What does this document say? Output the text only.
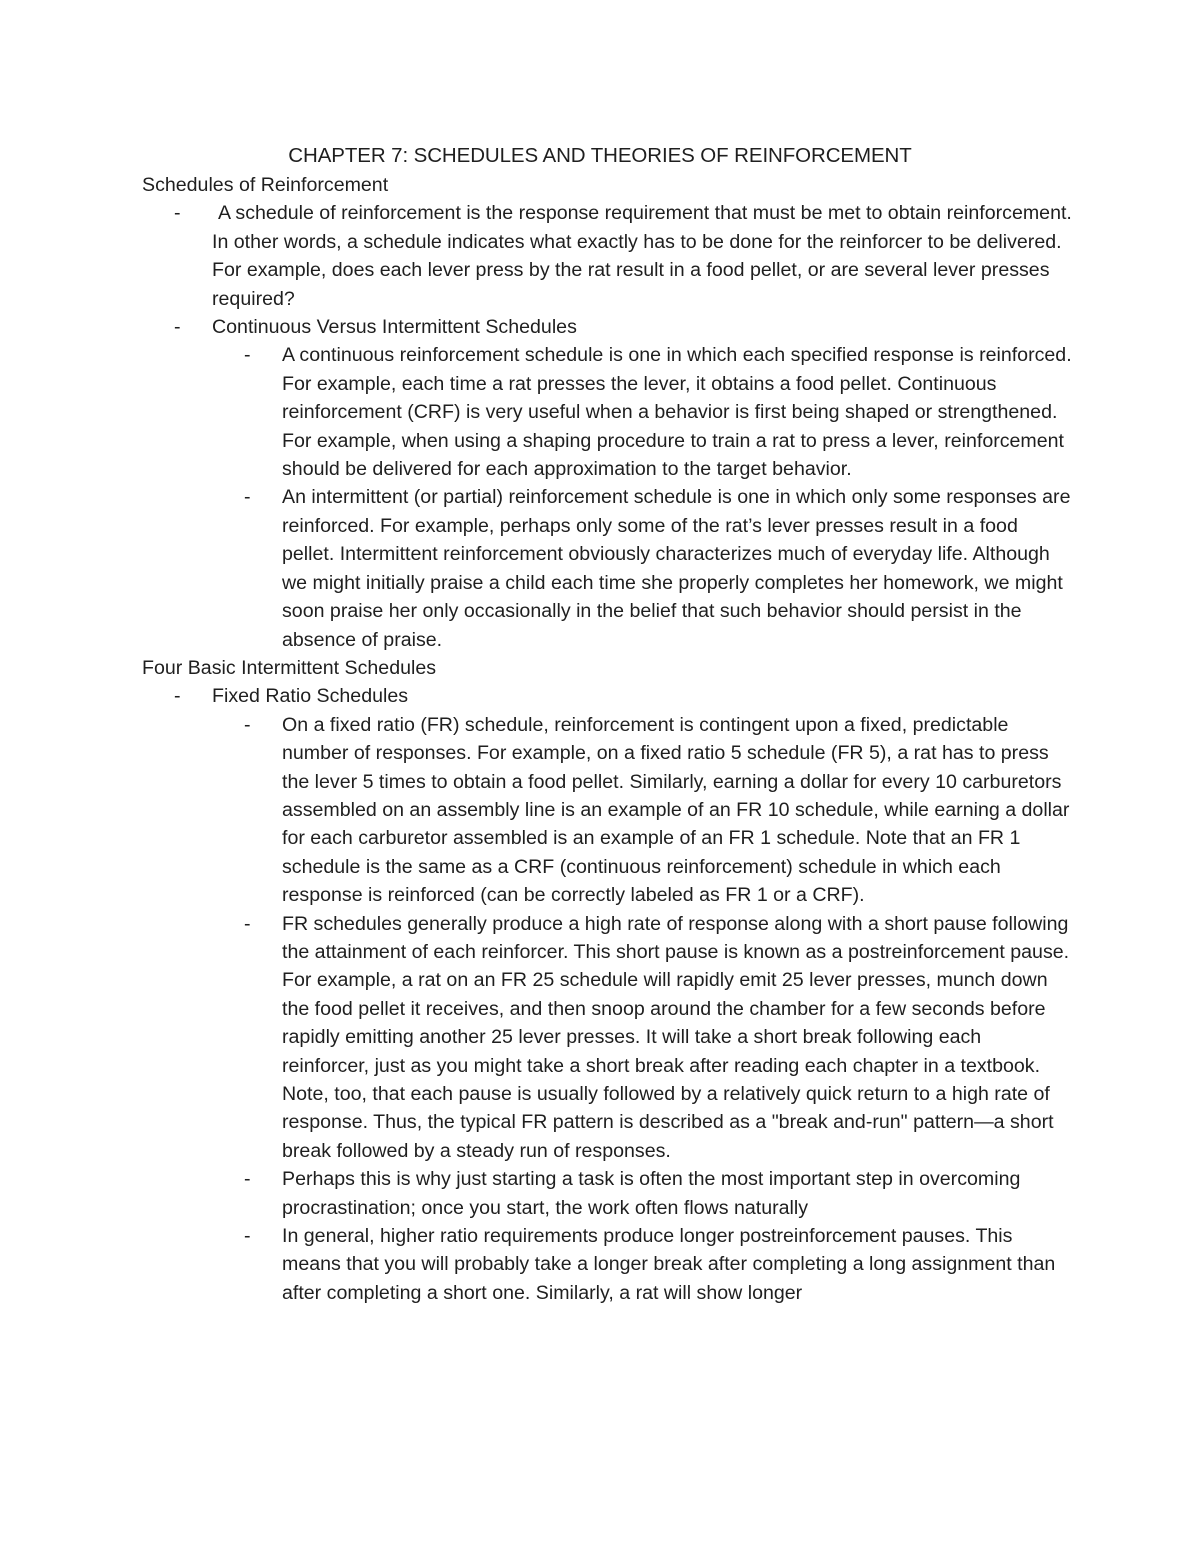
CHAPTER 7: SCHEDULES AND THEORIES OF REINFORCEMENT

Schedules of Reinforcement

- A schedule of reinforcement is the response requirement that must be met to obtain reinforcement. In other words, a schedule indicates what exactly has to be done for the reinforcer to be delivered. For example, does each lever press by the rat result in a food pellet, or are several lever presses required?
- Continuous Versus Intermittent Schedules
- A continuous reinforcement schedule is one in which each specified response is reinforced. For example, each time a rat presses the lever, it obtains a food pellet. Continuous reinforcement (CRF) is very useful when a behavior is first being shaped or strengthened. For example, when using a shaping procedure to train a rat to press a lever, reinforcement should be delivered for each approximation to the target behavior.
- An intermittent (or partial) reinforcement schedule is one in which only some responses are reinforced. For example, perhaps only some of the rat’s lever presses result in a food pellet. Intermittent reinforcement obviously characterizes much of everyday life. Although we might initially praise a child each time she properly completes her homework, we might soon praise her only occasionally in the belief that such behavior should persist in the absence of praise.

Four Basic Intermittent Schedules

- Fixed Ratio Schedules
- On a fixed ratio (FR) schedule, reinforcement is contingent upon a fixed, predictable number of responses. For example, on a fixed ratio 5 schedule (FR 5), a rat has to press the lever 5 times to obtain a food pellet. Similarly, earning a dollar for every 10 carburetors assembled on an assembly line is an example of an FR 10 schedule, while earning a dollar for each carburetor assembled is an example of an FR 1 schedule. Note that an FR 1 schedule is the same as a CRF (continuous reinforcement) schedule in which each response is reinforced (can be correctly labeled as FR 1 or a CRF).
- FR schedules generally produce a high rate of response along with a short pause following the attainment of each reinforcer. This short pause is known as a postreinforcement pause. For example, a rat on an FR 25 schedule will rapidly emit 25 lever presses, munch down the food pellet it receives, and then snoop around the chamber for a few seconds before rapidly emitting another 25 lever presses. It will take a short break following each reinforcer, just as you might take a short break after reading each chapter in a textbook. Note, too, that each pause is usually followed by a relatively quick return to a high rate of response. Thus, the typical FR pattern is described as a "break and-run" pattern—a short break followed by a steady run of responses.
- Perhaps this is why just starting a task is often the most important step in overcoming procrastination; once you start, the work often flows naturally
- In general, higher ratio requirements produce longer postreinforcement pauses. This means that you will probably take a longer break after completing a long assignment than after completing a short one. Similarly, a rat will show longer
